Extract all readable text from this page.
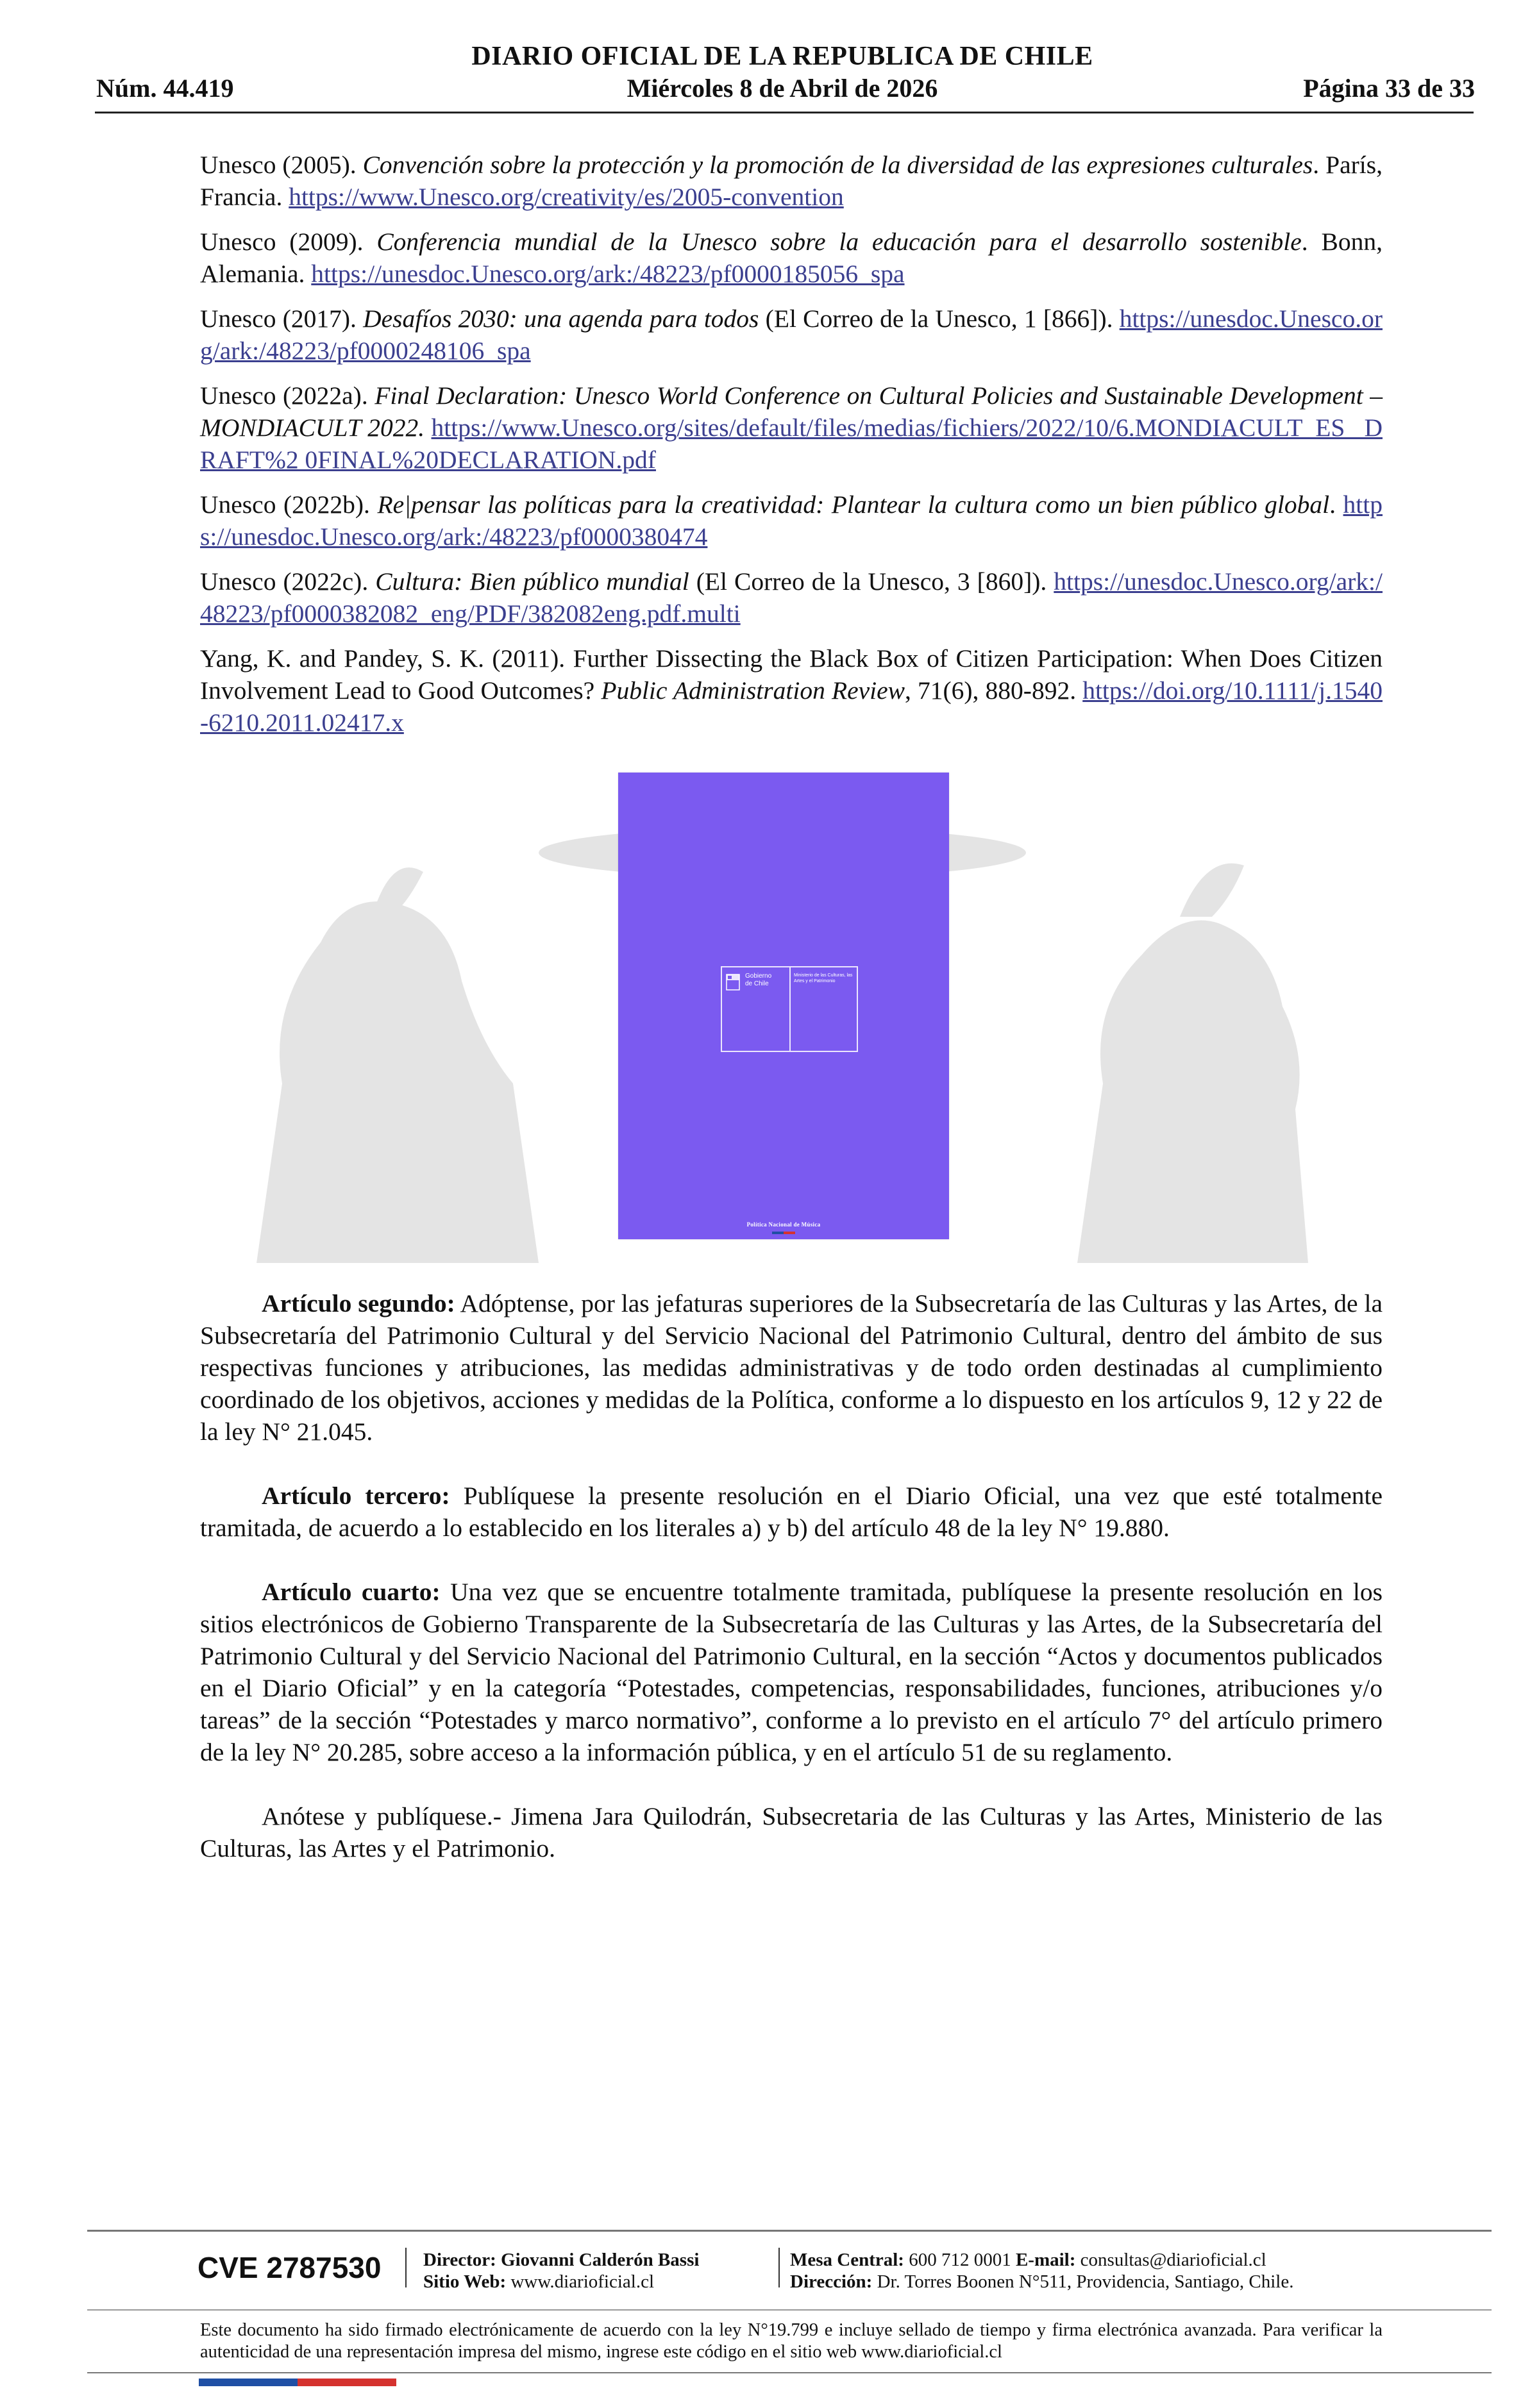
DIARIO OFICIAL DE LA REPUBLICA DE CHILE
Núm. 44.419	Miércoles 8 de Abril de 2026	Página 33 de 33

Unesco (2005). Convención sobre la protección y la promoción de la diversidad de las expresiones culturales. París, Francia. https://www.Unesco.org/creativity/es/2005-convention

Unesco (2009). Conferencia mundial de la Unesco sobre la educación para el desarrollo sostenible. Bonn, Alemania. https://unesdoc.Unesco.org/ark:/48223/pf0000185056_spa

Unesco (2017). Desafíos 2030: una agenda para todos (El Correo de la Unesco, 1 [866]). https://unesdoc.Unesco.org/ark:/48223/pf0000248106_spa

Unesco (2022a). Final Declaration: Unesco World Conference on Cultural Policies and Sustainable Development – MONDIACULT 2022. https://www.Unesco.org/sites/default/files/medias/fichiers/2022/10/6.MONDIACULT_ES_ DRAFT%2 0FINAL%20DECLARATION.pdf

Unesco (2022b). Re|pensar las políticas para la creatividad: Plantear la cultura como un bien público global. https://unesdoc.Unesco.org/ark:/48223/pf0000380474

Unesco (2022c). Cultura: Bien público mundial (El Correo de la Unesco, 3 [860]). https://unesdoc.Unesco.org/ark:/48223/pf0000382082_eng/PDF/382082eng.pdf.multi

Yang, K. and Pandey, S. K. (2011). Further Dissecting the Black Box of Citizen Participation: When Does Citizen Involvement Lead to Good Outcomes? Public Administration Review, 71(6), 880-892. https://doi.org/10.1111/j.1540-6210.2011.02417.x

Gobierno
de Chile
Ministerio de las Culturas, las Artes y el Patrimonio
Política Nacional de Música

Artículo segundo: Adóptense, por las jefaturas superiores de la Subsecretaría de las Culturas y las Artes, de la Subsecretaría del Patrimonio Cultural y del Servicio Nacional del Patrimonio Cultural, dentro del ámbito de sus respectivas funciones y atribuciones, las medidas administrativas y de todo orden destinadas al cumplimiento coordinado de los objetivos, acciones y medidas de la Política, conforme a lo dispuesto en los artículos 9, 12 y 22 de la ley N° 21.045.

Artículo tercero: Publíquese la presente resolución en el Diario Oficial, una vez que esté totalmente tramitada, de acuerdo a lo establecido en los literales a) y b) del artículo 48 de la ley N° 19.880.

Artículo cuarto: Una vez que se encuentre totalmente tramitada, publíquese la presente resolución en los sitios electrónicos de Gobierno Transparente de la Subsecretaría de las Culturas y las Artes, de la Subsecretaría del Patrimonio Cultural y del Servicio Nacional del Patrimonio Cultural, en la sección “Actos y documentos publicados en el Diario Oficial” y en la categoría “Potestades, competencias, responsabilidades, funciones, atribuciones y/o tareas” de la sección “Potestades y marco normativo”, conforme a lo previsto en el artículo 7° del artículo primero de la ley N° 20.285, sobre acceso a la información pública, y en el artículo 51 de su reglamento.

Anótese y publíquese.- Jimena Jara Quilodrán, Subsecretaria de las Culturas y las Artes, Ministerio de las Culturas, las Artes y el Patrimonio.

CVE 2787530 Director: Giovanni Calderón Bassi
Sitio Web: www.diarioficial.cl
Mesa Central: 600 712 0001 E-mail: consultas@diarioficial.cl
Dirección: Dr. Torres Boonen N°511, Providencia, Santiago, Chile.
Este documento ha sido firmado electrónicamente de acuerdo con la ley N°19.799 e incluye sellado de tiempo y firma electrónica avanzada. Para verificar la autenticidad de una representación impresa del mismo, ingrese este código en el sitio web www.diarioficial.cl
